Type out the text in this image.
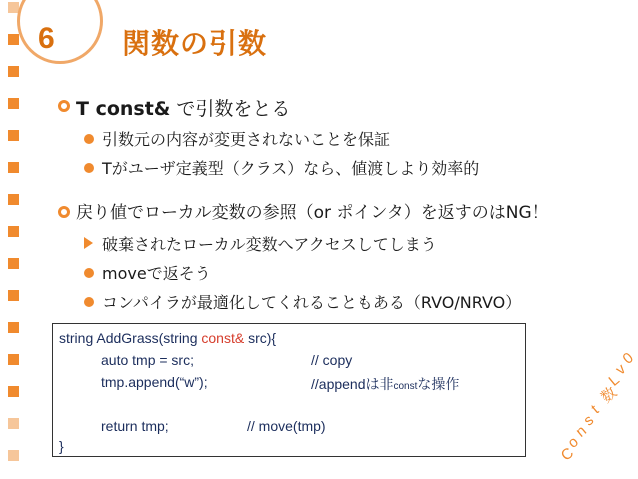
6 関数の引数
T const& で引数をとる
引数元の内容が変更されないことを保証
Tがユーザ定義型（クラス）なら、値渡しより効率的
戻り値でローカル変数の参照（or ポインタ）を返すのはNG！
破棄されたローカル変数へアクセスしてしまう
moveで返そう
コンパイラが最適化してくれることもある（RVO/NRVO）
string AddGrass(string const& src){
auto tmp = src;	// copy
tmp.append(“w”);	//appendは非constな操作
return tmp;	// move(tmp)
}	C
o
n
s
t
数
L
v
0
